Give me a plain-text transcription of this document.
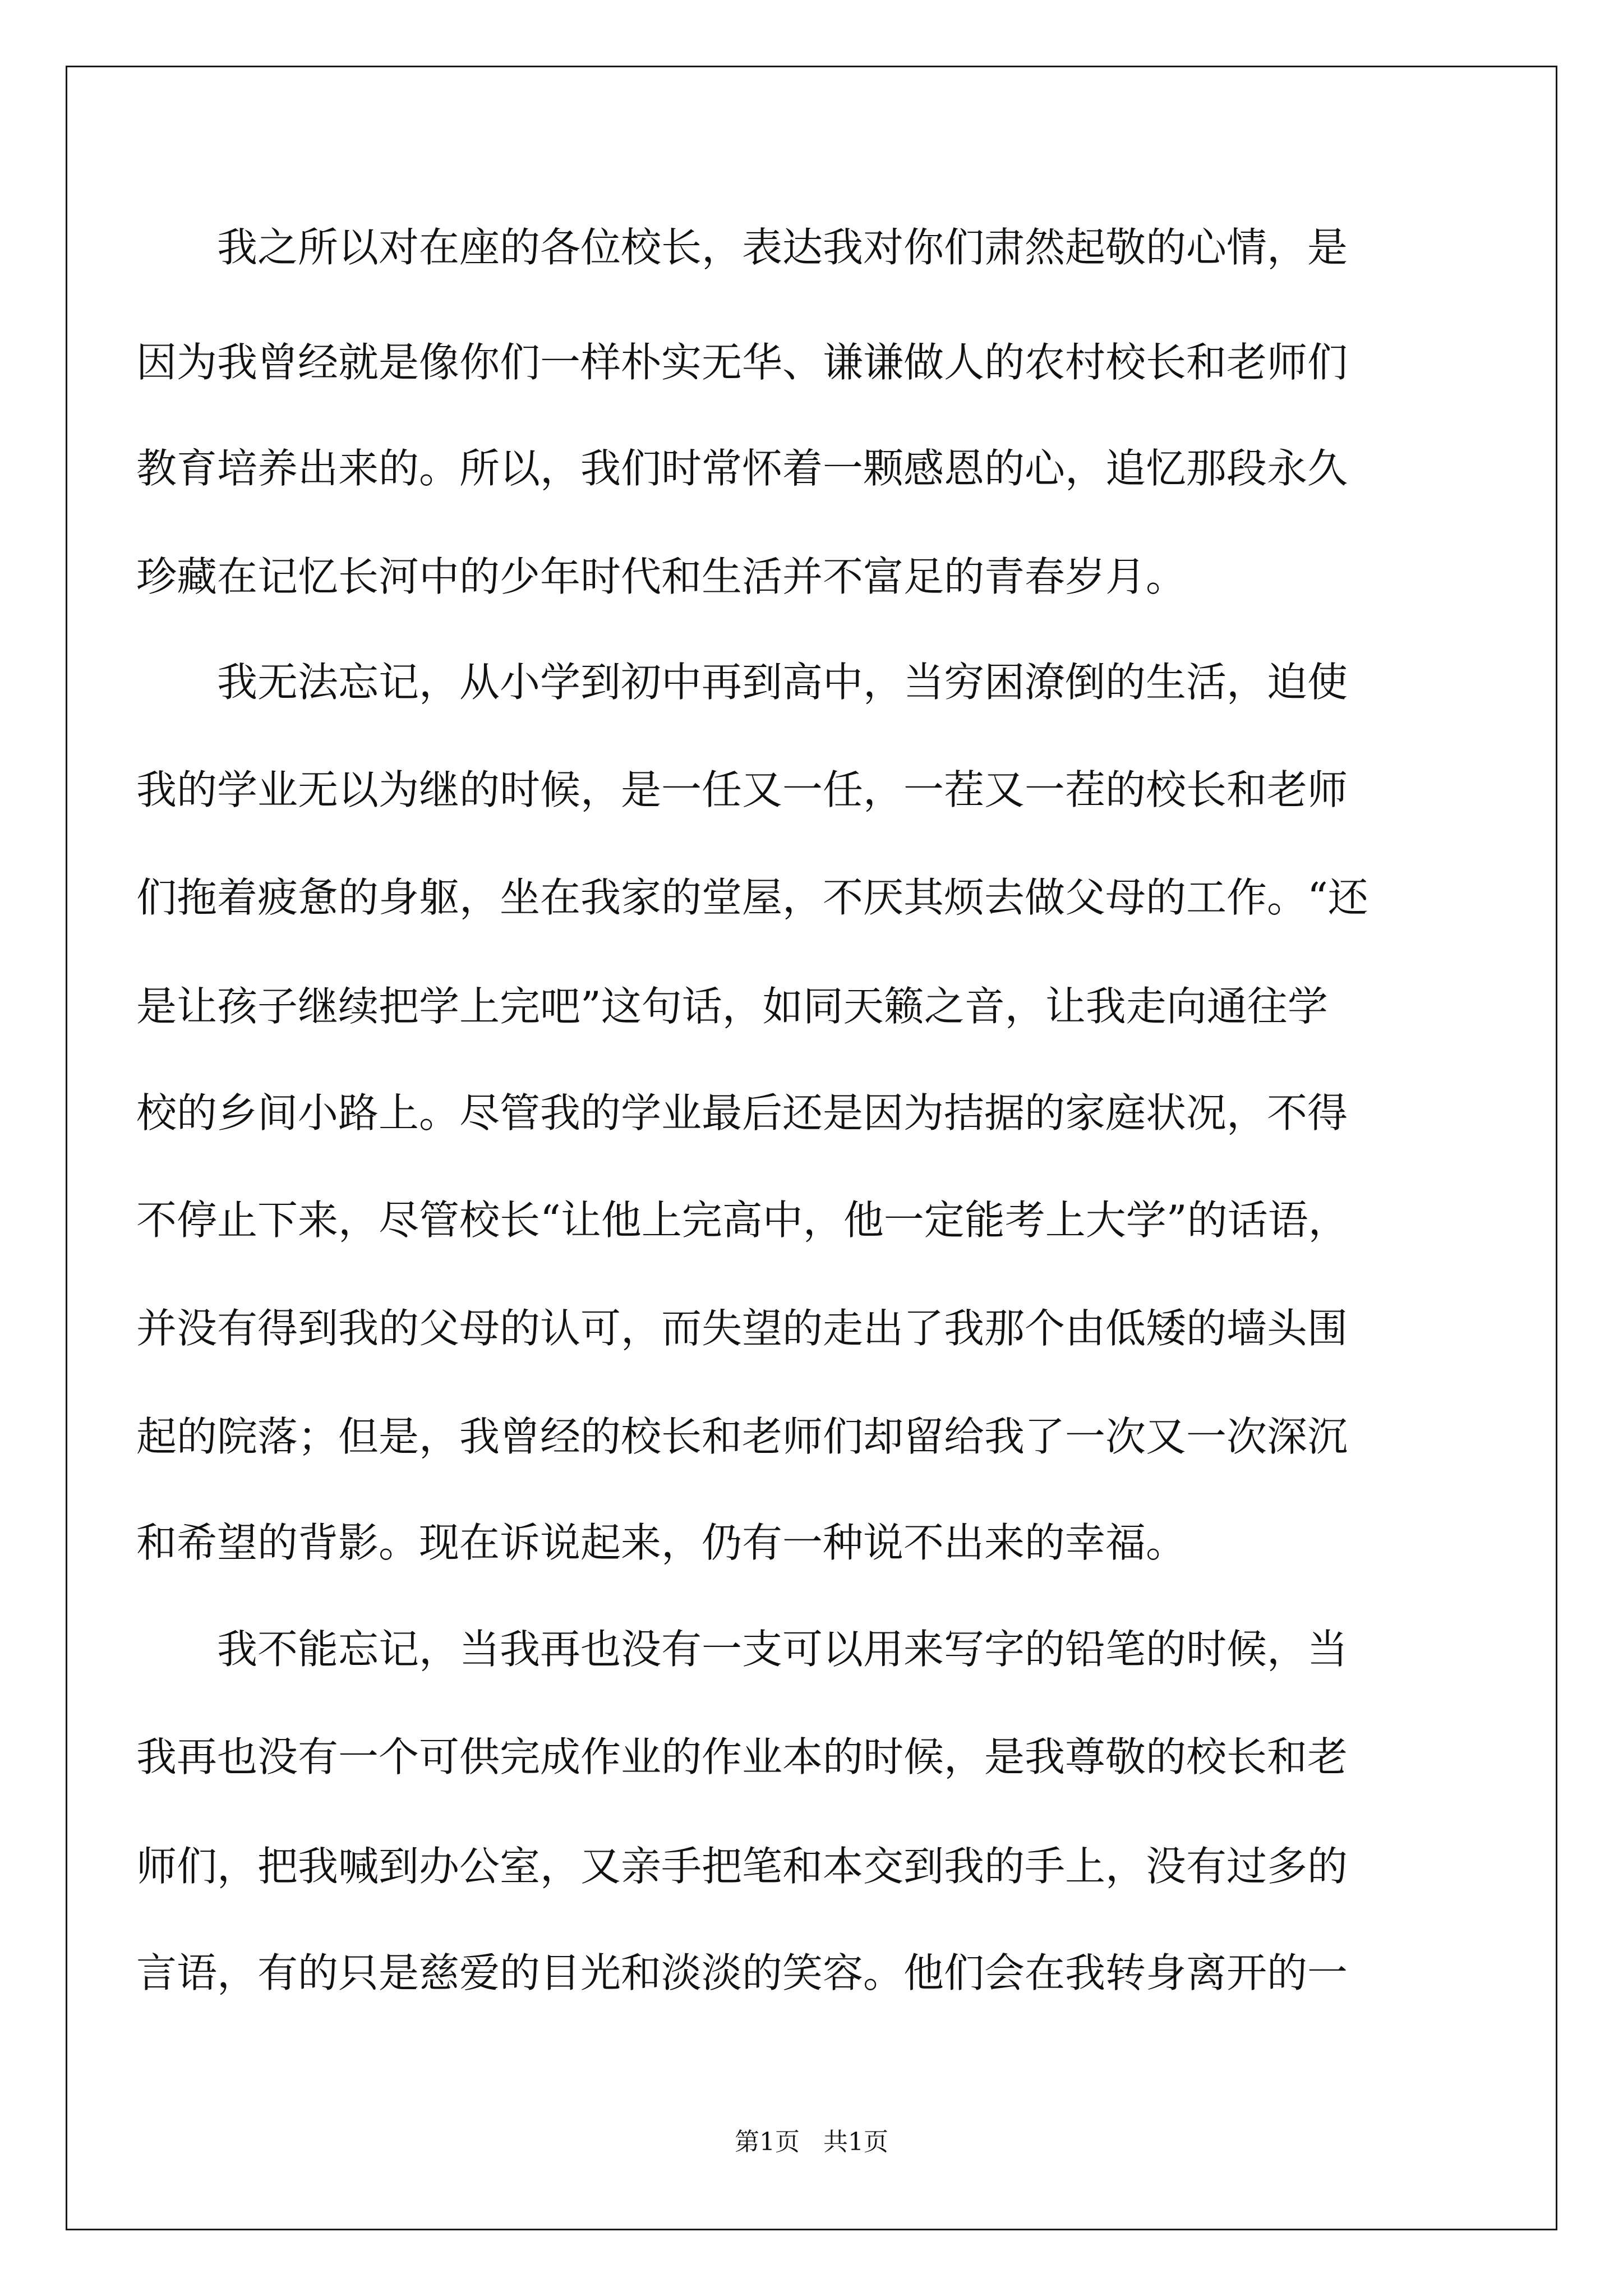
我之所以对在座的各位校长，表达我对你们肃然起敬的心情，是

因为我曾经就是像你们一样朴实无华、谦谦做人的农村校长和老师们

教育培养出来的。所以，我们时常怀着一颗感恩的心，追忆那段永久

珍藏在记忆长河中的少年时代和生活并不富足的青春岁月。

我无法忘记，从小学到初中再到高中，当穷困潦倒的生活，迫使

我的学业无以为继的时候，是一任又一任，一茬又一茬的校长和老师

们拖着疲惫的身躯，坐在我家的堂屋，不厌其烦去做父母的工作。“还

是让孩子继续把学上完吧”这句话，如同天籁之音，让我走向通往学

校的乡间小路上。尽管我的学业最后还是因为拮据的家庭状况，不得

不停止下来，尽管校长“让他上完高中，他一定能考上大学”的话语，

并没有得到我的父母的认可，而失望的走出了我那个由低矮的墙头围

起的院落；但是，我曾经的校长和老师们却留给我了一次又一次深沉

和希望的背影。现在诉说起来，仍有一种说不出来的幸福。

我不能忘记，当我再也没有一支可以用来写字的铅笔的时候，当

我再也没有一个可供完成作业的作业本的时候，是我尊敬的校长和老

师们，把我喊到办公室，又亲手把笔和本交到我的手上，没有过多的

言语，有的只是慈爱的目光和淡淡的笑容。他们会在我转身离开的一

第1页 共1页
